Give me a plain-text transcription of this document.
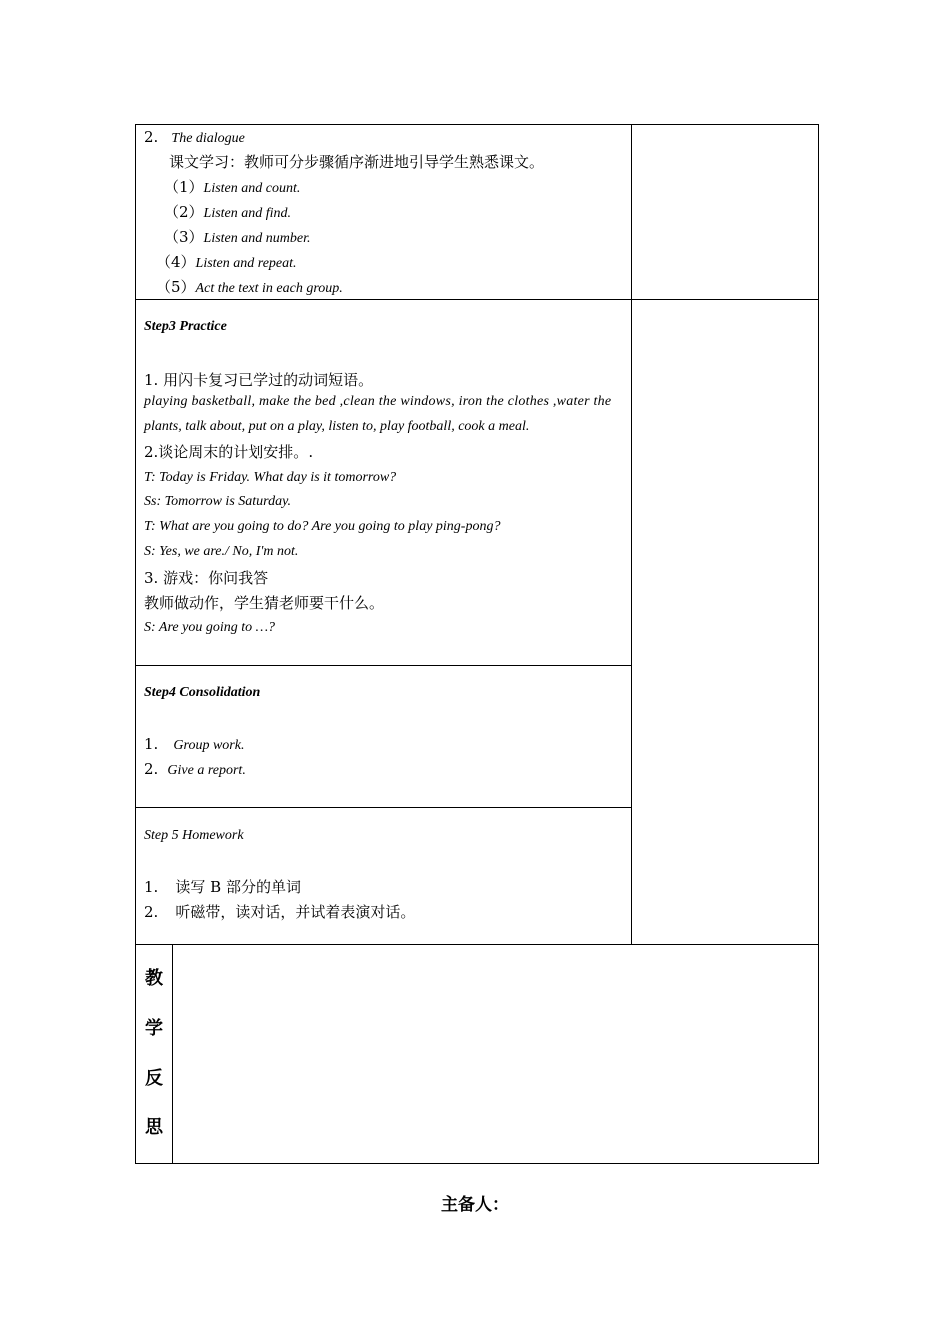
2. The dialogue
课文学习：教师可分步骤循序渐进地引导学生熟悉课文。
（1）Listen and count.
（2）Listen and find.
（3）Listen and number.
（4）Listen and repeat.
（5）Act the text in each group.
Step3 Practice
1. 用闪卡复习已学过的动词短语。
playing basketball, make the bed ,clean the windows, iron the clothes ,water the
plants, talk about, put on a play, listen to, play football, cook a meal.
2.谈论周末的计划安排。.
T: Today is Friday. What day is it tomorrow?
Ss: Tomorrow is Saturday.
T: What are you going to do? Are you going to play ping-pong?
S: Yes, we are./ No, I'm not.
3. 游戏：你问我答
教师做动作，学生猜老师要干什么。
S: Are you going to …?
Step4 Consolidation
1. Group work.
2. Give a report.
Step 5 Homework
1. 读写 B 部分的单词
2. 听磁带，读对话，并试着表演对话。
教
学
反
思
主备人：
